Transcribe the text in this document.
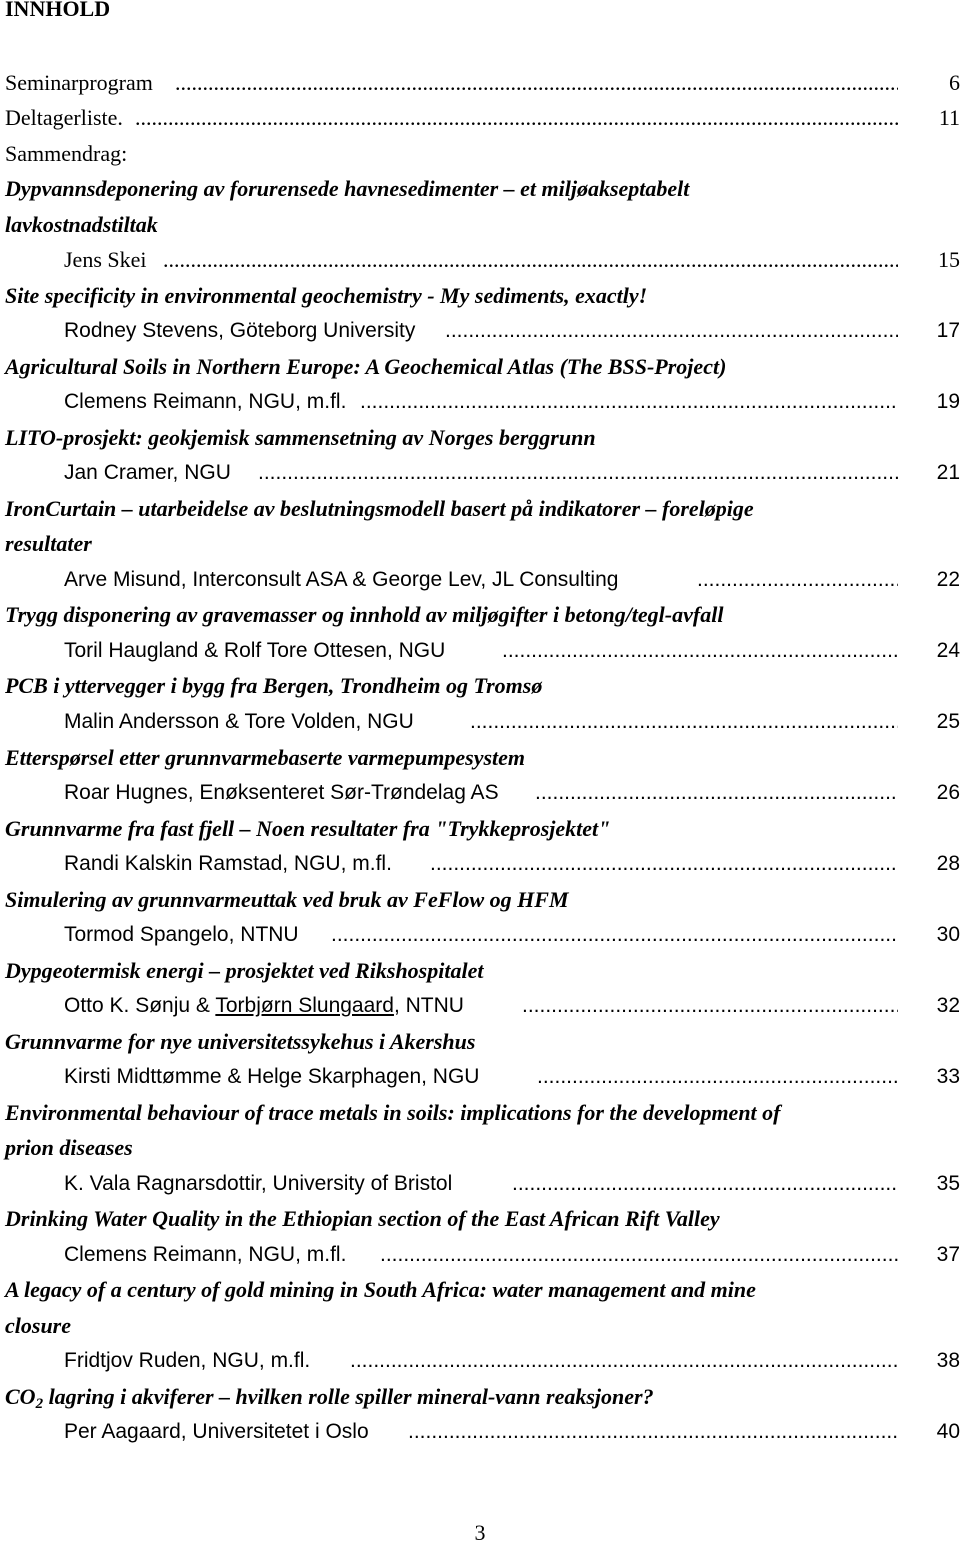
INNHOLD
Seminarprogram .....	6
Deltagerliste. .....	11
Sammendrag:
Dypvannsdeponering av forurensede havnesedimenter – et miljøakseptabelt
lavkostnadstiltak
Jens Skei .....	15
Site specificity in environmental geochemistry - My sediments, exactly!
Rodney Stevens, Göteborg University .....	17
Agricultural Soils in Northern Europe: A Geochemical Atlas (The BSS-Project)
Clemens Reimann, NGU, m.fl. .....	19
LITO-prosjekt: geokjemisk sammensetning av Norges berggrunn
Jan Cramer, NGU .....	21
IronCurtain – utarbeidelse av beslutningsmodell basert på indikatorer – foreløpige
resultater
Arve Misund, Interconsult ASA & George Lev, JL Consulting .....	22
Trygg disponering av gravemasser og innhold av miljøgifter i betong/tegl-avfall
Toril Haugland & Rolf Tore Ottesen, NGU .....	24
PCB i yttervegger i bygg fra Bergen, Trondheim og Tromsø
Malin Andersson & Tore Volden, NGU .....	25
Etterspørsel etter grunnvarmebaserte varmepumpesystem
Roar Hugnes, Enøksenteret Sør-Trøndelag AS .....	26
Grunnvarme fra fast fjell – Noen resultater fra "Trykkeprosjektet"
Randi Kalskin Ramstad, NGU, m.fl. .....	28
Simulering av grunnvarmeuttak ved bruk av FeFlow og HFM
Tormod Spangelo, NTNU .....	30
Dypgeotermisk energi – prosjektet ved Rikshospitalet
Otto K. Sønju & Torbjørn Slungaard, NTNU .....	32
Grunnvarme for nye universitetssykehus i Akershus
Kirsti Midttømme & Helge Skarphagen, NGU .....	33
Environmental behaviour of trace metals in soils: implications for the development of
prion diseases
K. Vala Ragnarsdottir, University of Bristol .....	35
Drinking Water Quality in the Ethiopian section of the East African Rift Valley
Clemens Reimann, NGU, m.fl. .....	37
A legacy of a century of gold mining in South Africa: water management and mine
closure
Fridtjov Ruden, NGU, m.fl. .....	38
$CO_2$ lagring i akviferer – hvilken rolle spiller mineral-vann reaksjoner?
Per Aagaard, Universitetet i Oslo .....	40
3
